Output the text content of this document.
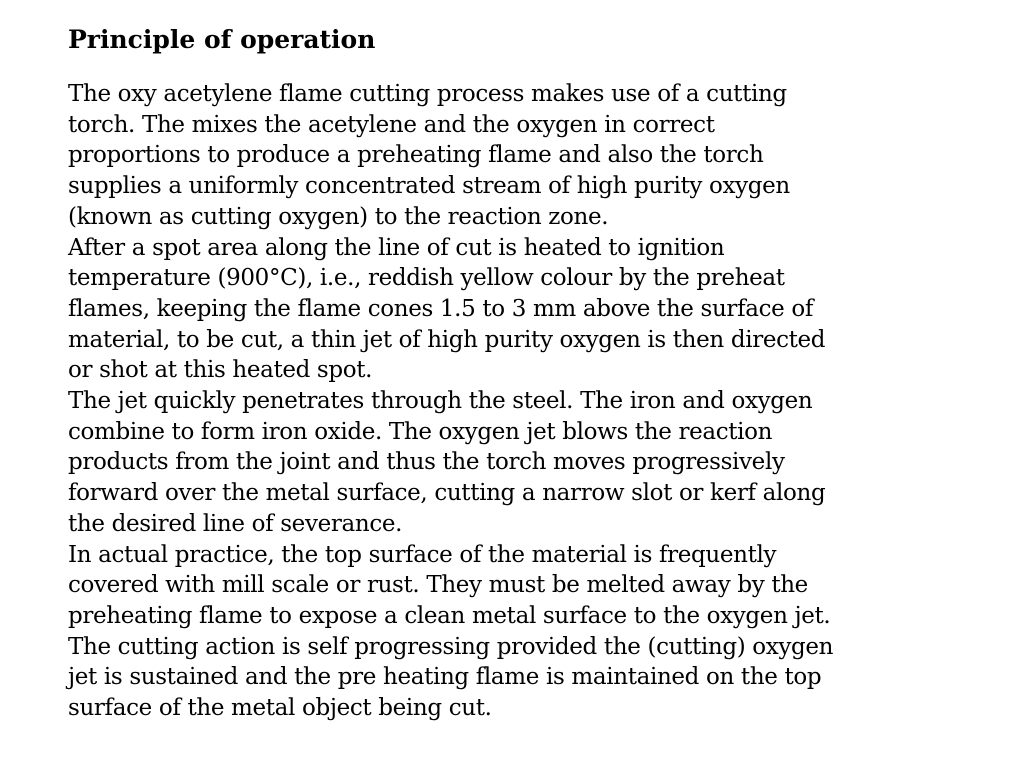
Principle of operation
The oxy acetylene flame cutting process makes use of a cutting
torch. The mixes the acetylene and the oxygen in correct
proportions to produce a preheating flame and also the torch
supplies a uniformly concentrated stream of high purity oxygen
(known as cutting oxygen) to the reaction zone.
After a spot area along the line of cut is heated to ignition
temperature (900°C), i.e., reddish yellow colour by the preheat
flames, keeping the flame cones 1.5 to 3 mm above the surface of
material, to be cut, a thin jet of high purity oxygen is then directed
or shot at this heated spot.
The jet quickly penetrates through the steel. The iron and oxygen
combine to form iron oxide. The oxygen jet blows the reaction
products from the joint and thus the torch moves progressively
forward over the metal surface, cutting a narrow slot or kerf along
the desired line of severance.
In actual practice, the top surface of the material is frequently
covered with mill scale or rust. They must be melted away by the
preheating flame to expose a clean metal surface to the oxygen jet.
The cutting action is self progressing provided the (cutting) oxygen
jet is sustained and the pre heating flame is maintained on the top
surface of the metal object being cut.
